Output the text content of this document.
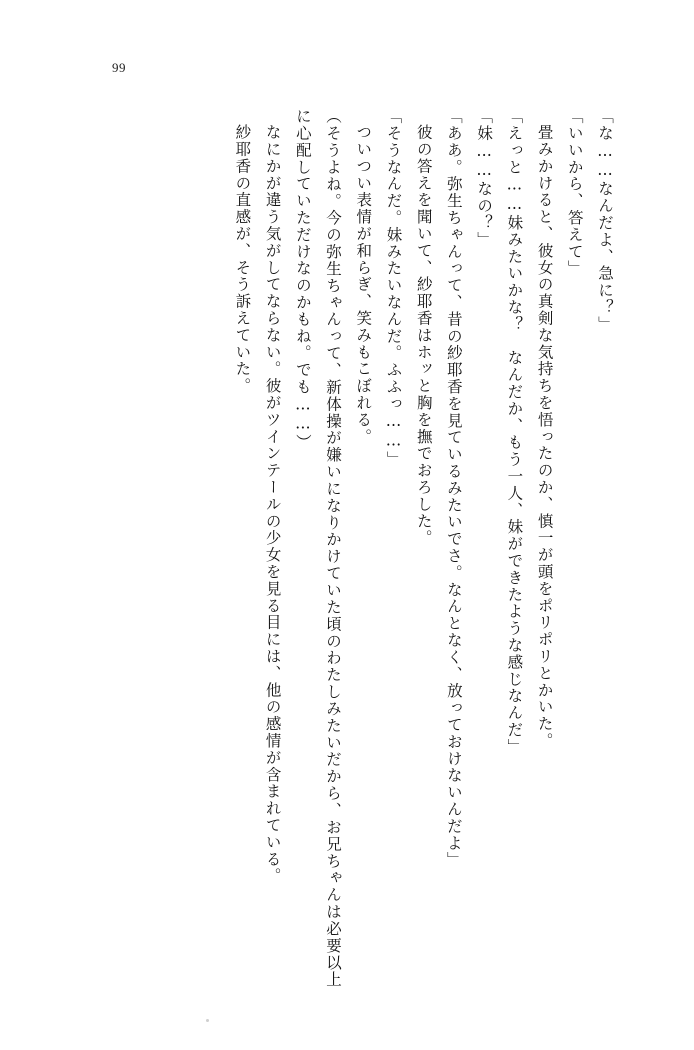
99

「な……なんだよ、急に？」

「いいから、答えて」

畳みかけると、彼女の真剣な気持ちを悟ったのか、慎一が頭をポリポリとかいた。

「えっと……妹みたいかな？　なんだか、もう一人、妹ができたような感じなんだ」

「妹……なの？」

「ああ。弥生ちゃんって、昔の紗耶香を見ているみたいでさ。なんとなく、放っておけないんだよ」

彼の答えを聞いて、紗耶香はホッと胸を撫でおろした。

「そうなんだ。妹みたいなんだ。ふふっ……」

ついつい表情が和らぎ、笑みもこぼれる。

（そうよね。今の弥生ちゃんって、新体操が嫌いになりかけていた頃のわたしみたいだから、お兄ちゃんは必要以上に心配していただけなのかもね。でも……）

なにかが違う気がしてならない。彼がツインテールの少女を見る目には、他の感情が含まれている。

紗耶香の直感が、そう訴えていた。
